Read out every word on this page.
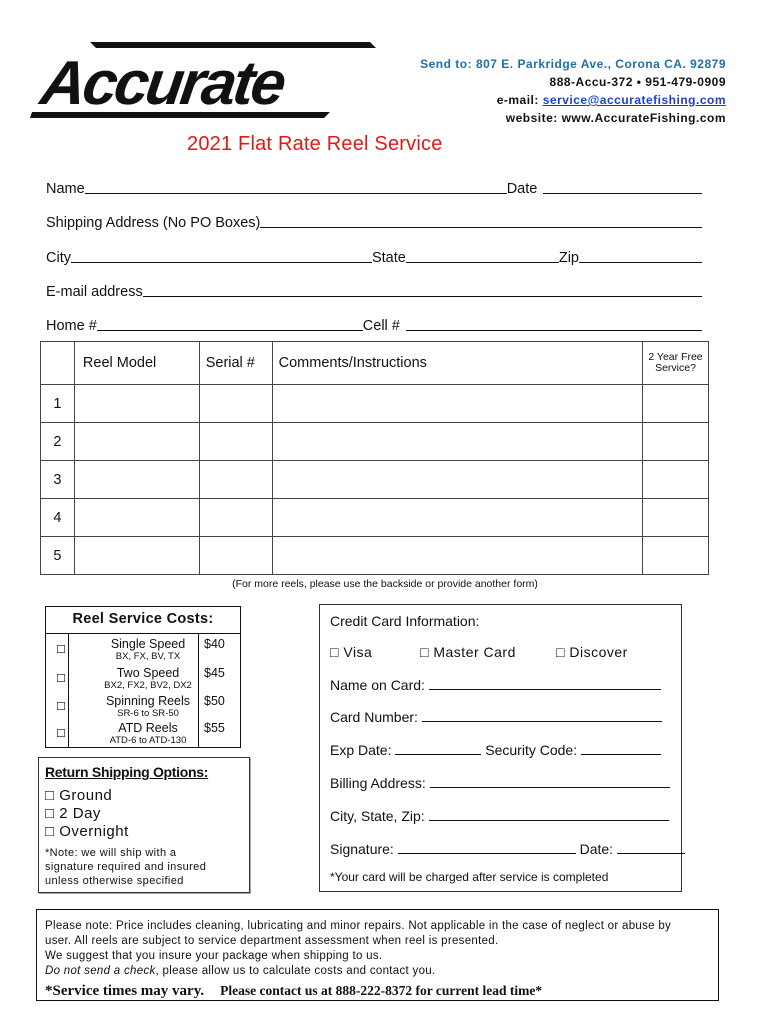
Accurate	Send to: 807 E. Parkridge Ave., Corona CA. 92879
888-Accu-372 • 951-479-0909
e-mail: service@accuratefishing.com
website: www.AccurateFishing.com
2021 Flat Rate Reel Service
Name	Date
Shipping Address (No PO Boxes)
City	State	Zip
E-mail address
Home #	Cell #
	Reel Model	Serial #	Comments/Instructions	2 Year Free Service?
1				
2				
3				
4				
5				
(For more reels, please use the backside or provide another form)
Reel Service Costs:
☐	Single Speed
BX, FX, BV, TX
$40
☐	Two Speed
BX2, FX2, BV2, DX2
$45
☐	Spinning Reels
SR-6 to SR-50
$50
☐	ATD Reels
ATD-6 to ATD-130
$55
Return Shipping Options:
□ Ground
□ 2 Day
□ Overnight
*Note: we will ship with a
signature required and insured
unless otherwise specified
Credit Card Information:
□ Visa	□ Master Card	□ Discover
Name on Card:
Card Number:
Exp Date:	Security Code:
Billing Address:
City, State, Zip:
Signature:	Date:
*Your card will be charged after service is completed
Please note: Price includes cleaning, lubricating and minor repairs. Not applicable in the case of neglect or abuse by
user. All reels are subject to service department assessment when reel is presented.
We suggest that you insure your package when shipping to us.
Do not send a check, please allow us to calculate costs and contact you.
*Service times may vary. Please contact us at 888-222-8372 for current lead time*
